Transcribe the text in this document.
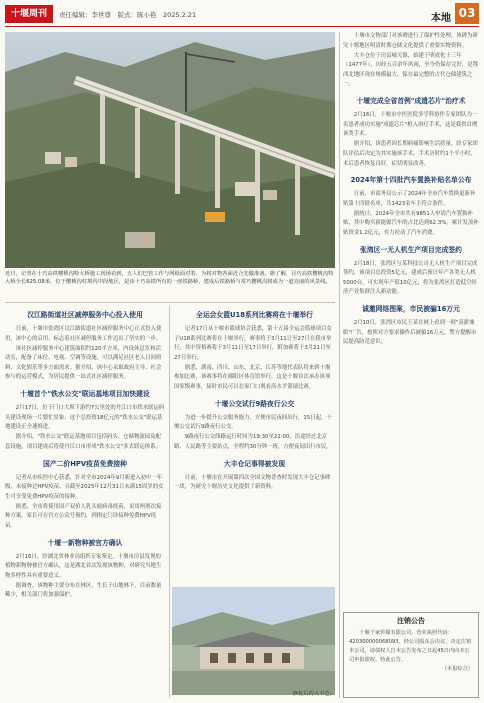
十堰周刊	责任编辑：李世尊　版式：陈小艳　2025.2.21	本地 03
近日，记者在十巧高铁樱桃沟特大桥施工现场看到，五人们巴管工作与网纸面对着，为将对物各面近合先做准备。据了解，目巧高铁樱桃沟特大桥全长625.08米，位于樱桃沟村境内中段地区，是由十巧高铁所有的一座铁路桥，建成后铁路桥与常巧樱桃沟将成为一道亮丽的风景线。
汉江路街道社区减停服务中心投入使用

日前，十堰市张湾区汉江路街道社区减停服务中心正式投入使用，该中心的启用，标志着社区减停服务工作迈出了坚实的一步。

该社区减停服务中心建筑面积约120平方米，内设休息室和活动室，配备了床位、电视、空调等设施，可以满足社区老人日间照料、文化娱乐等多方面需求。据介绍，该中心采取政府主导、社会参与的运营模式，为居民提供一站式社区减停服务。

十堰首个"铁水公交"联运基地项目加快建设

2月17日，位于门口大坝下游约7公里处的丹江口市铁水联运码头建设现场一片繁忙景象。这个总投资18亿元的"铁水公交"联运基地建设正全速推进。

据介绍，"铁水公交"联运基地项目包括码头、仓储物流园及配套设施，项目建成后将使丹江口市形成"铁水公交"多式联运体系。

国产二价HPV疫苗免费接种

记者从市疾控中心获悉，针对全市2024年9月新进入初中一年级、未接种过HPV疫苗、且截至2025年12月31日未满15周岁的女生可享受免费HPV疫苗的接种。

据悉，全市将使用国产双价人乳头瘤病毒疫苗，采用两剂次接种方案，家长可在官方公众号预约，到指定门诊接种免费HPV疫苗。

十堰一新物种被官方确认

2月16日，经湖北省林业局组织专家鉴定，十堰市房县发现的植物新物种被官方确认，这是湖北首次发现该物种，对研究当地生物多样性具有重要意义。

据调查，该物种主要分布在林区，生长于山地林下，目前数量稀少，相关部门将加强保护。

全运会女篮U18系列比赛将在十堰举行

记者17日从十堰市篮球协会获悉，第十五届全运会篮球项目女子U18系列比赛将在十堰举行，赛事将于3月11日至27日在我市举行，其中资格赛将于3月11日至17日举行，附加赛将于3月21日至27日举行。

据悉，湖南、四川、山东、北京、江苏等地代表队将来到十堰参加比赛，该赛事将在郧阳区体育馆举行，这是十堰首次承办该项国家级赛事，届时市民可以在家门口观看高水平篮球比赛。

十堰公交试行9路夜行公交

为进一步提升公交服务能力，方便市民夜间出行，15日起，十堰公交试行9路夜行公交。

9路夜行公交线路运行时间为19:30至22:00，沿途经过北京路、人民路等主要站点，全程约30分钟一班，方便夜间出行市民。

大丰仓记事得被发现

日前，十堰市在开展第四次全国文物普查时发现大丰仓记事碑一块，为研究十堰历史文化提供了新资料。

修复后的大丰仓。

十堰市文物部门对该碑进行了保护性处理，该碑为研究十堰地区明清时期仓储文化提供了重要实物资料。

大丰仓位于房县城关镇，始建于明成化十三年（1477年），历经五百余年风雨，至今仍保存完好，是鄂西北地区现存规模最大、保存最完整的古代仓储建筑之一。

十堰完成全省首例"成遗芯片"治疗术

2月16日，十堰市中医医院多学科协作专家团队为一名患者成功实施"成遗芯片"植入治疗手术，这是我省首例该类手术。

据介绍，该患者因长期病痛影响生活质量，经专家团队评估后决定为其实施该手术。手术历时约1个半小时，术后患者恢复良好，症状明显改善。

2024年第十四批汽车置换补贴名单公布

日前，市商务局公示了2024年全市汽车置换更新补贴第十四批名单，共1423名车主符合条件。

据统计，2024年全市共有9851人申请汽车置换补贴，其中购买新能源汽车的占比达到62.3%，累计发放补贴资金1.2亿元，有力拉动了汽车消费。

张湾区一无人机生产项目完成签约

2月18日，张湾区与某科技公司无人机生产项目完成签约，该项目总投资5亿元，建成后预计年产各类无人机5000台，可实现年产值10亿元，将为张湾区打造低空经济产业集群注入新动能。

诚邀网络图案，市民被骗16万元

2月10日，张湾区市民王某在网上看到一则"高薪兼职"广告，按照对方要求操作后被骗16万元，警方提醒市民提高防范意识。

注销公告

十堰千家传媒有限公司，营业执照代码：420300000068093，经公司股东会决议，决定注销本公司，请债权人自本公告发布之日起45日内向本公司申报债权。特此公告。

（本报综合）
